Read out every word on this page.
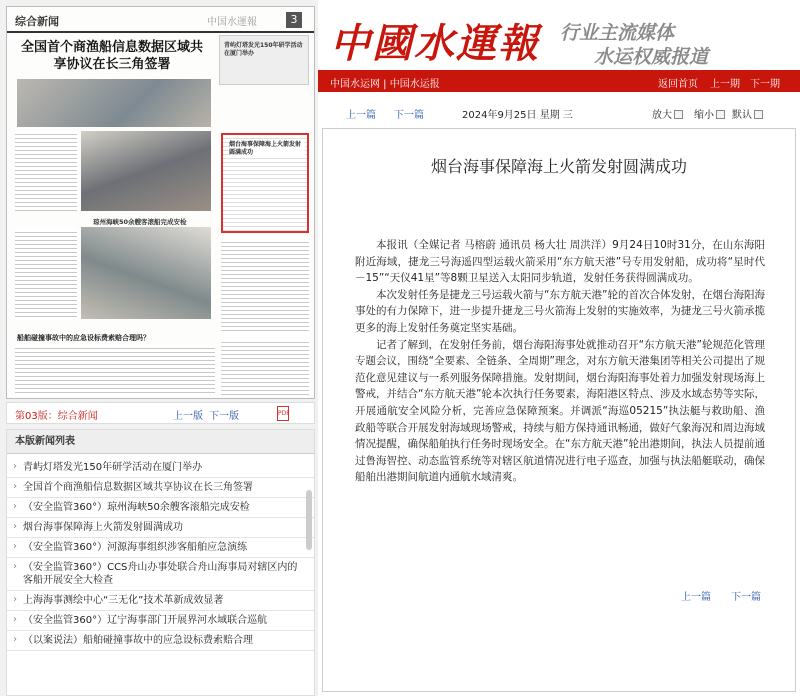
综合新闻	中国水運報	3
全国首个商渔船信息数据区域共享协议在长三角签署
青屿灯塔发光150年研学活动在厦门举办
琼州海峡50余艘客滚船完成安检
烟台海事保障海上火箭发射圆满成功
船舶碰撞事故中的应急设标费索赔合理吗？
第03版：综合新闻	上一版 下一版	PDF
本版新闻列表
› 青屿灯塔发光150年研学活动在厦门举办
› 全国首个商渔船信息数据区域共享协议在长三角签署
› （安全监管360°）琼州海峡50余艘客滚船完成安检
› 烟台海事保障海上火箭发射圆满成功
› （安全监管360°）河源海事组织涉客船舶应急演练
› （安全监管360°）CCS舟山办事处联合舟山海事局对辖区内的客船开展安全大检查
› 上海海事测绘中心“三无化”技术革新成效显著
› （安全监管360°）辽宁海事部门开展界河水域联合巡航
› （以案说法）船舶碰撞事故中的应急设标费索赔合理
中國水運報 行业主流媒体
水运权威报道
中国水运网 | 中国水运报	返回首页 上一期 下一期
上一篇 下一篇	2024年9月25日 星期 三	放大	缩小	默认
烟台海事保障海上火箭发射圆满成功

本报讯（全媒记者 马榕蔚 通讯员 杨大壮 周洪洋）9月24日10时31分，在山东海阳附近海域，捷龙三号海遥四型运载火箭采用“东方航天港”号专用发射船，成功将“星时代－15”“天仪41星”等8颗卫星送入太阳同步轨道，发射任务获得圆满成功。

本次发射任务是捷龙三号运载火箭与“东方航天港”轮的首次合体发射，在烟台海阳海事处的有力保障下，进一步提升捷龙三号火箭海上发射的实施效率，为捷龙三号火箭承揽更多的海上发射任务奠定坚实基础。

记者了解到，在发射任务前，烟台海阳海事处就推动召开“东方航天港”轮规范化管理专题会议，围绕“全要素、全链条、全周期”理念，对东方航天港集团等相关公司提出了规范化意见建议与一系列服务保障措施。发射期间，烟台海阳海事处着力加强发射现场海上警戒，并结合“东方航天港”轮本次执行任务要素，海阳港区特点、涉及水域态势等实际，开展通航安全风险分析，完善应急保障预案。并调派“海巡05215”执法艇与救助船、渔政船等联合开展发射海域现场警戒，持续与船方保持通讯畅通，做好气象海况和周边海域情况提醒，确保船舶执行任务时现场安全。在“东方航天港”轮出港期间，执法人员提前通过鲁海智控、动态监管系统等对辖区航道情况进行电子巡查，加强与执法船艇联动，确保船舶出港期间航道内通航水域清爽。

上一篇 下一篇
